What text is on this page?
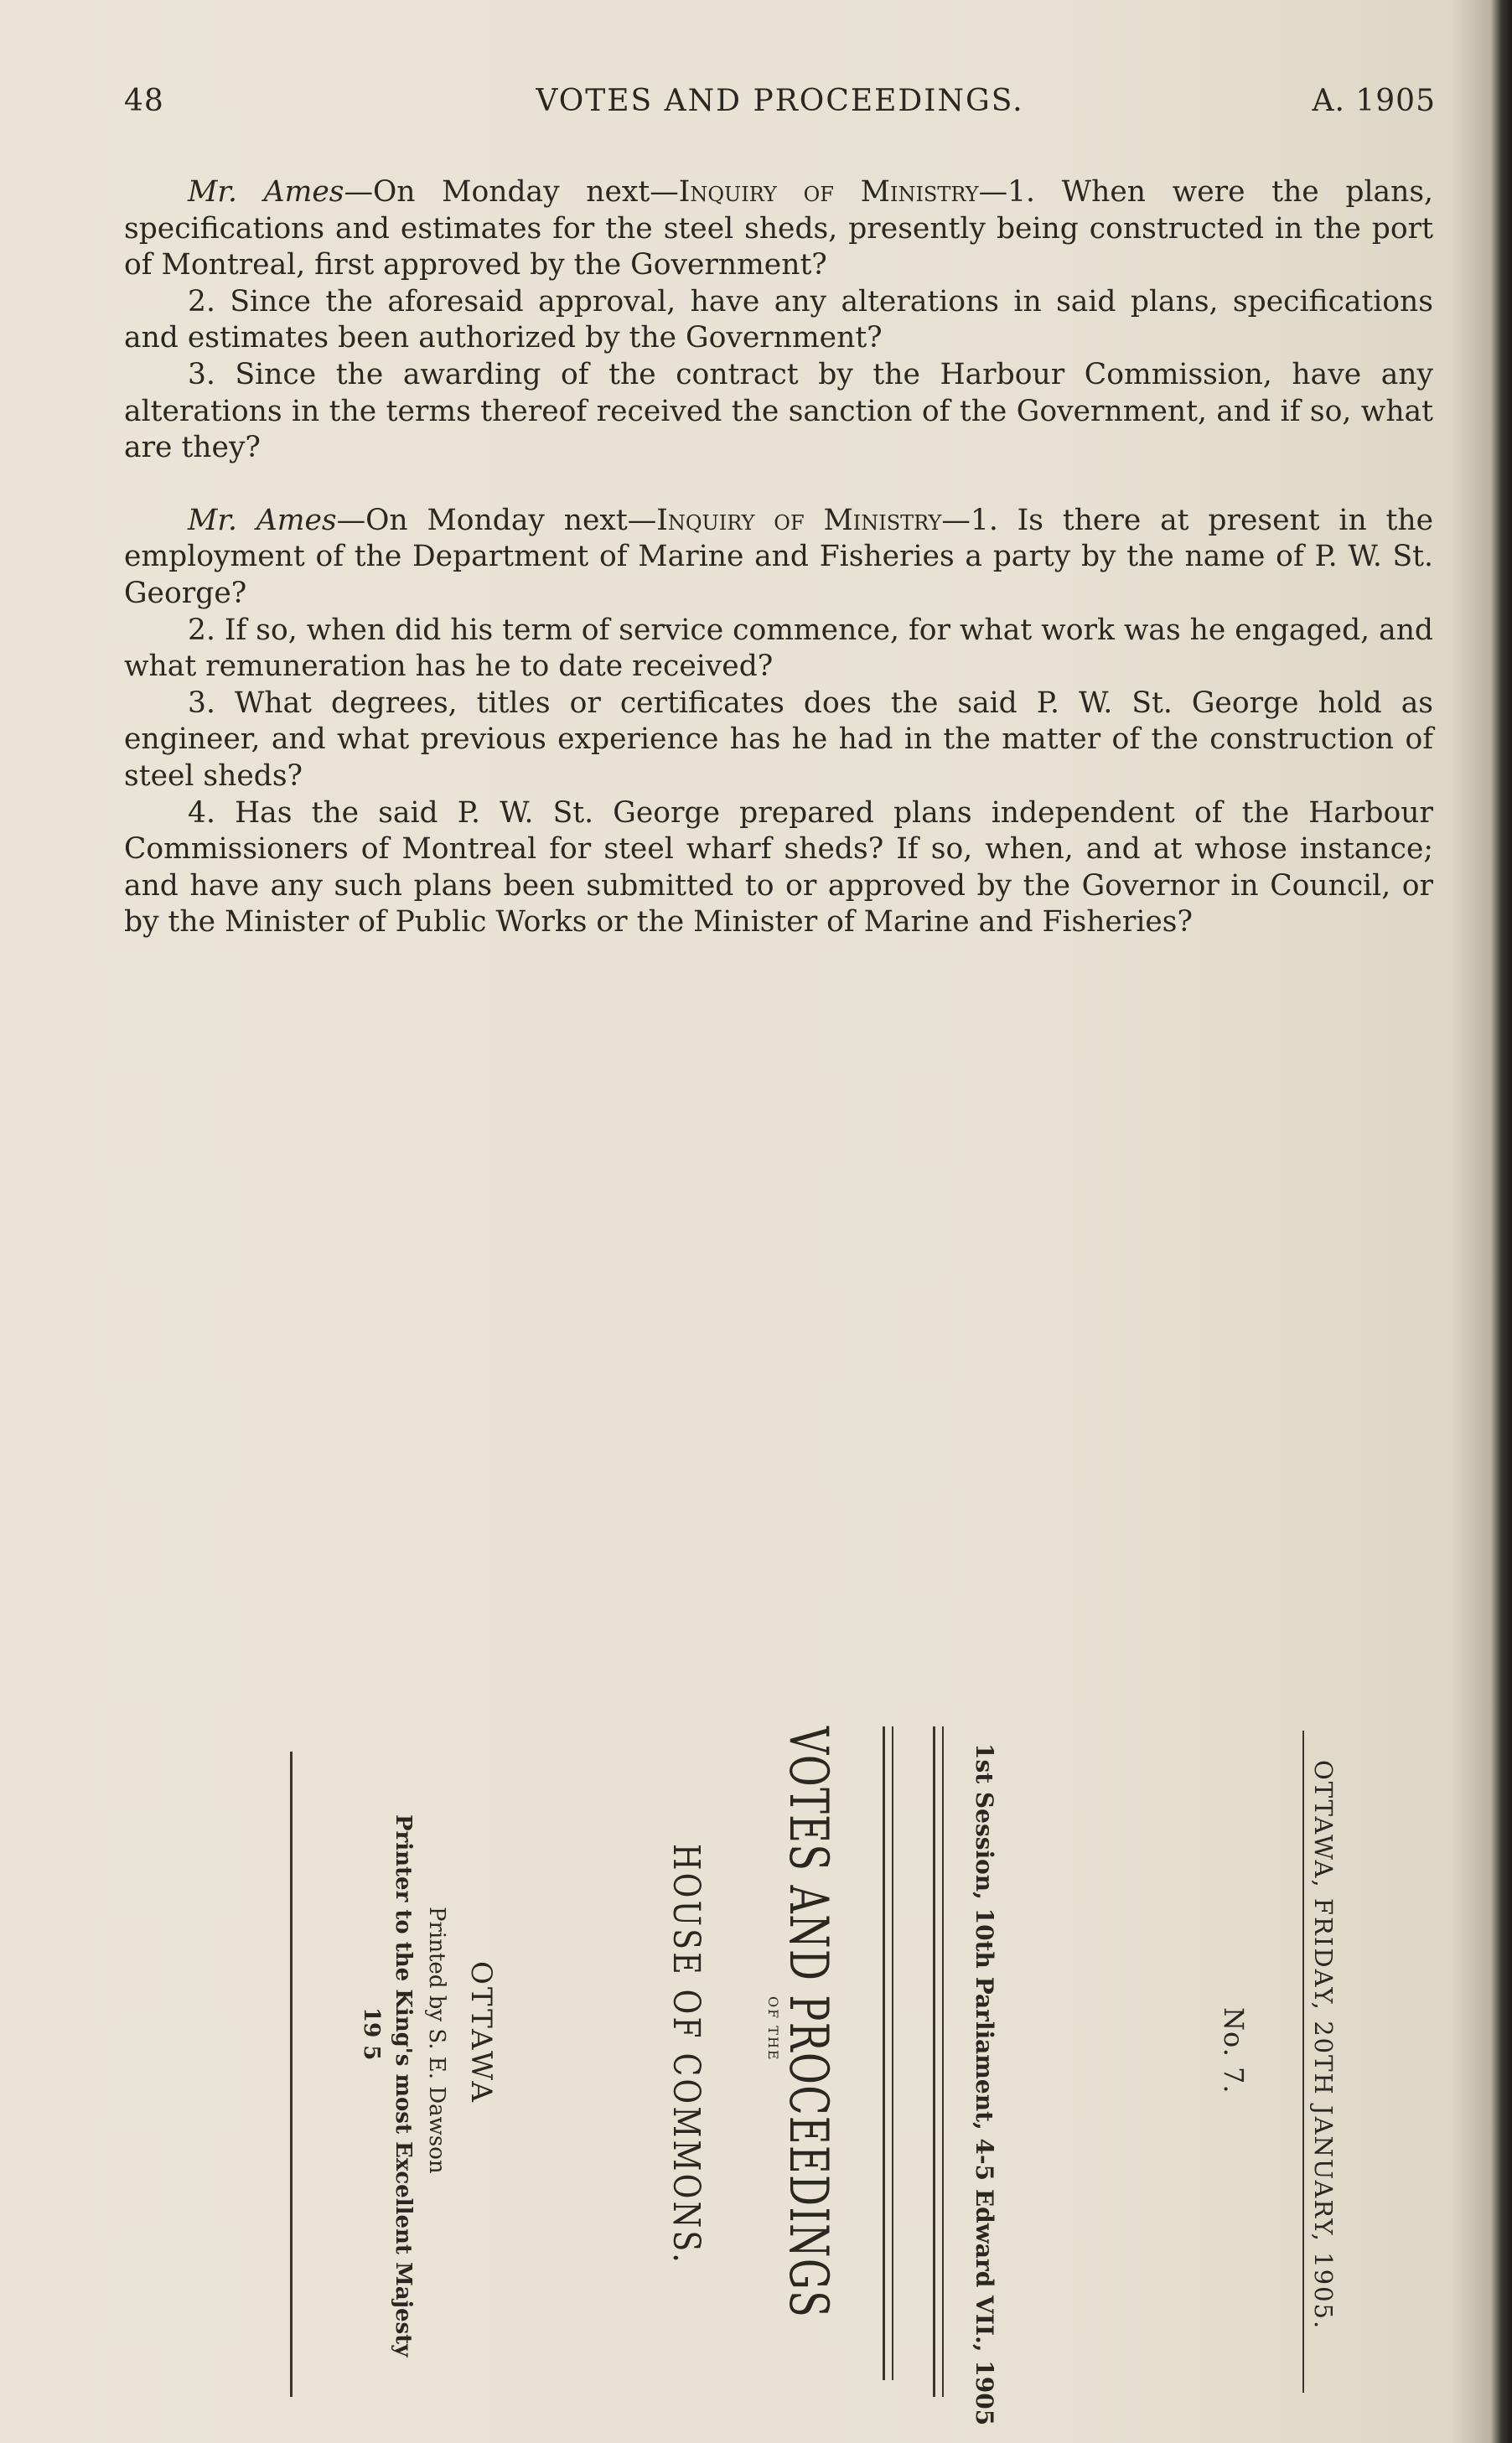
48	VOTES AND PROCEEDINGS.	A. 1905

Mr. Ames—On Monday next—Inquiry of Ministry—1. When were the plans, specifications and estimates for the steel sheds, presently being constructed in the port of Montreal, first approved by the Government?

2. Since the aforesaid approval, have any alterations in said plans, specifications and estimates been authorized by the Government?

3. Since the awarding of the contract by the Harbour Commission, have any alterations in the terms thereof received the sanction of the Government, and if so, what are they?

Mr. Ames—On Monday next—Inquiry of Ministry—1. Is there at present in the employment of the Department of Marine and Fisheries a party by the name of P. W. St. George?

2. If so, when did his term of service commence, for what work was he engaged, and what remuneration has he to date received?

3. What degrees, titles or certificates does the said P. W. St. George hold as engineer, and what previous experience has he had in the matter of the construction of steel sheds?

4. Has the said P. W. St. George prepared plans independent of the Harbour Commissioners of Montreal for steel wharf sheds? If so, when, and at whose instance; and have any such plans been submitted to or approved by the Governor in Council, or by the Minister of Public Works or the Minister of Marine and Fisheries?

OTTAWA, FRIDAY, 20TH JANUARY, 1905.
No. 7.
1st Session, 10th Parliament, 4-5 Edward VII., 1905
VOTES AND PROCEEDINGS
OF THE
HOUSE OF COMMONS.
OTTAWA
Printed by S. E. Dawson
Printer to the King's most Excellent Majesty
19 5
